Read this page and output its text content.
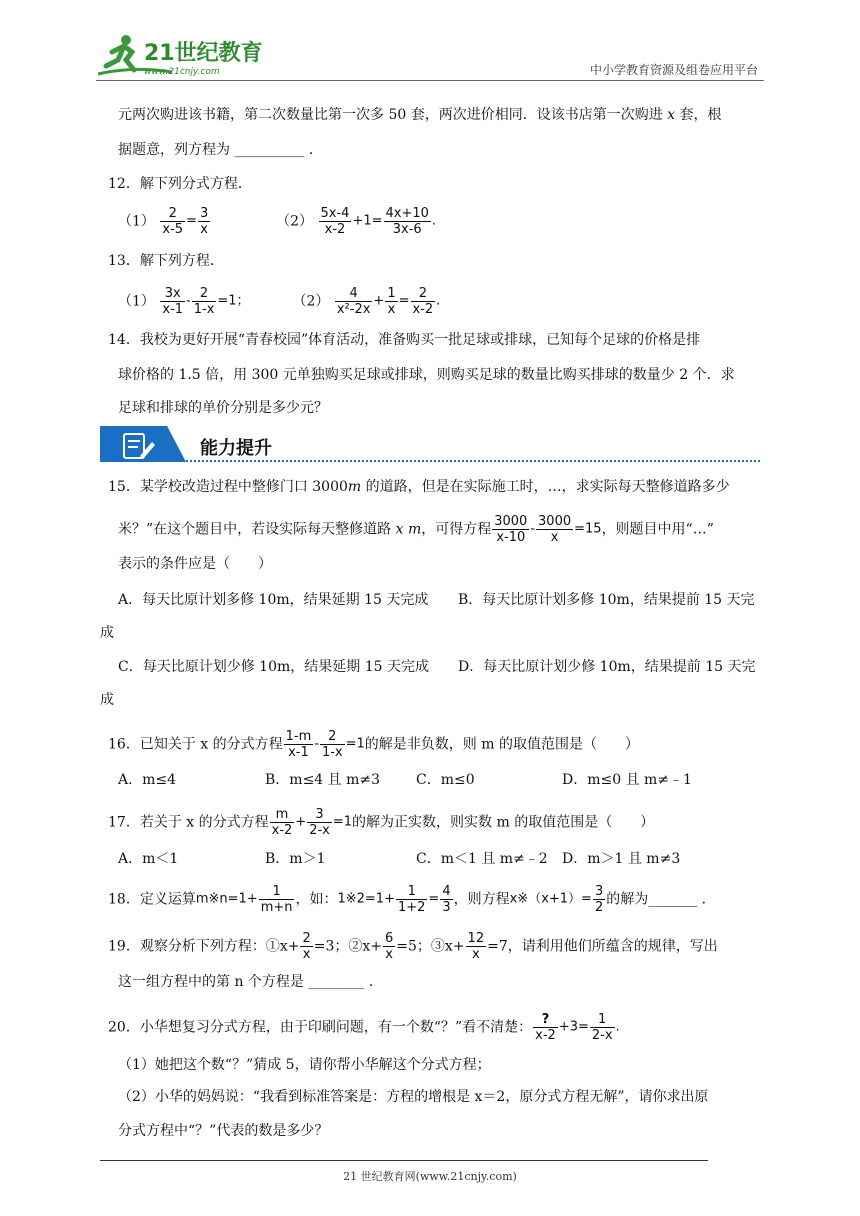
21世纪教育
www.21cnjy.com	中小学教育资源及组卷应用平台
元两次购进该书籍，第二次数量比第一次多 50 套，两次进价相同．设该书店第一次购进 x 套，根
据题意，列方程为 __________ ．
12．解下列分式方程．
$(1) \frac{2}{x-5} = \frac{3}{x}$	$(2) \frac{5x-4}{x-2} +1= \frac{4x+10}{3x-6}$ .
13．解下列方程．
$(1) \frac{3x}{x-1} - \frac{2}{1-x} =1$；	$(2) \frac{4}{\text{x²-2x}} + \frac{1}{x} = \frac{2}{x-2}$ .
14．我校为更好开展“青春校园”体育活动，准备购买一批足球或排球，已知每个足球的价格是排
球价格的 1.5 倍，用 300 元单独购买足球或排球，则购买足球的数量比购买排球的数量少 2 个．求
足球和排球的单价分别是多少元？
能力提升
15．某学校改造过程中整修门口 3000m 的道路，但是在实际施工时，…，求实际每天整修道路多少
米？”在这个题目中，若设实际每天整修道路 x m，可得方程 $\frac{3000}{x-10} - \frac{3000}{x} =15$，则题目中用“…”
表示的条件应是（　　）
A．每天比原计划多修 10m，结果延期 15 天完成 B．每天比原计划多修 10m，结果提前 15 天完
成
C．每天比原计划少修 10m，结果延期 15 天完成 D．每天比原计划少修 10m，结果提前 15 天完
成
16．已知关于 x 的分式方程 $\frac{1-m}{x-1} - \frac{2}{1-x} =1$的解是非负数，则 m 的取值范围是（　　）
A．m≤4	B．m≤4 且 m≠3	C．m≤0	D．m≤0 且 m≠﹣1
17．若关于 x 的分式方程 $\frac{m}{x-2} + \frac{3}{2-x} =1$的解为正实数，则实数 m 的取值范围是（　　）
A．m＜1	B．m＞1	C．m＜1 且 m≠﹣2 D．m＞1 且 m≠3
18．定义运算m※n=1+ $\frac{1}{m+n}$ ，如：1※2=1+ $\frac{1}{1+2} = \frac{4}{3}$ ，则方程x※（x+1）= $\frac{3}{2}$ 的解为_______ ．
19．观察分析下列方程：①x+ $\frac{2}{x} =3$；②x+ $\frac{6}{x} =5$；③x+ $\frac{12}{x} =7$，请利用他们所蕴含的规律，写出
这一组方程中的第 n 个方程是 ________ ．
20．小华想复习分式方程，由于印刷问题，有一个数“？”看不清楚： $\frac{?}{x-2} +3= \frac{1}{2-x}$ .
（1）她把这个数“？”猜成 5，请你帮小华解这个分式方程；
（2）小华的妈妈说：“我看到标准答案是：方程的增根是 x＝2，原分式方程无解”，请你求出原
分式方程中“？”代表的数是多少？
21 世纪教育网(www.21cnjy.com)
